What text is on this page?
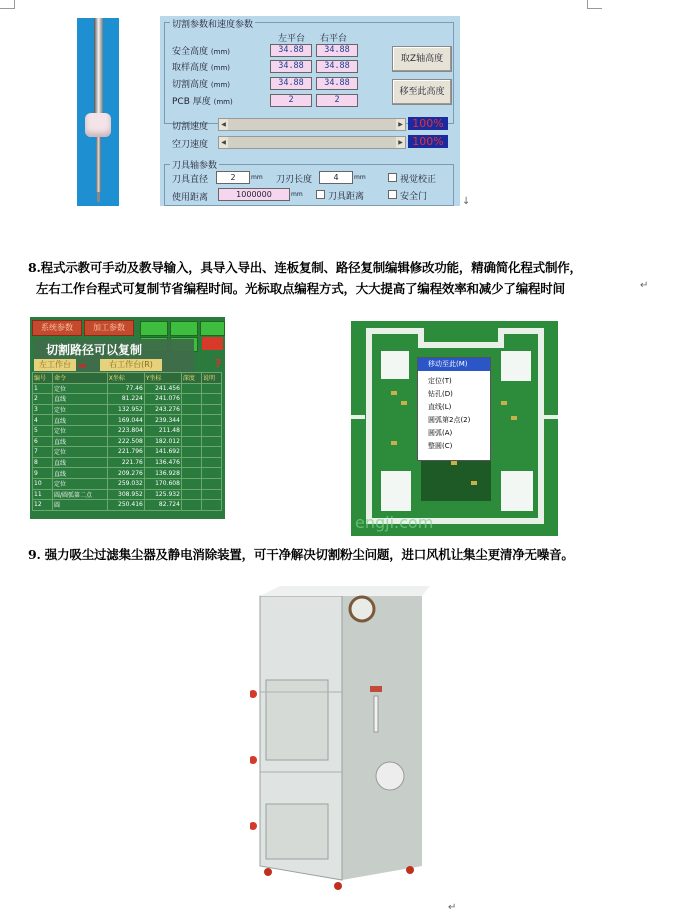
切割参数和速度参数
左平台 右平台
安全高度 (mm)	34.88	34.88
取样高度 (mm)	34.88	34.88
切割高度 (mm)	34.88	34.88
PCB 厚度 (mm)	2	2
取Z轴高度
移至此高度
切割速度	◀	▶ 100%
空刀速度	◀	▶ 100%
刀具轴参数
刀具直径	2	mm 刀刃长度	4	mm	视觉校正
使用距离	1000000	mm	刀具距离	安全门	↓
8.程式示教可手动及教导输入，具导入导出、连板复制、路径复制编辑修改功能，精确简化程式制作，
左右工作台程式可复制节省编程时间。光标取点编程方式，大大提高了编程效率和减少了编程时间	↵
系统参数	加工参数
切割路径可以复制
左工作台 ➡	右工作台(R)	?
编号	命令	X坐标	Y坐标	深度	说明
1	定位	77.46	241.456		
2	直线	81.224	241.076		
3	定位	132.952	243.276		
4	直线	169.044	239.344		
5	定位	223.804	211.48		
6	直线	222.508	182.012		
7	定位	221.796	141.692		
8	直线	221.76	136.476		
9	直线	209.276	136.928		
10	定位	259.032	170.608		
11	圆/圆弧第二点	308.952	125.932		
12	圆	250.416	82.724		
移动至此(M)
定位(T)
钻孔(D)
直线(L)
圆弧第2点(2)
圆弧(A)
整圆(C)
engji.com
9. 强力吸尘过滤集尘器及静电消除装置，可干净解决切割粉尘问题，进口风机让集尘更清净无噪音。
↵
